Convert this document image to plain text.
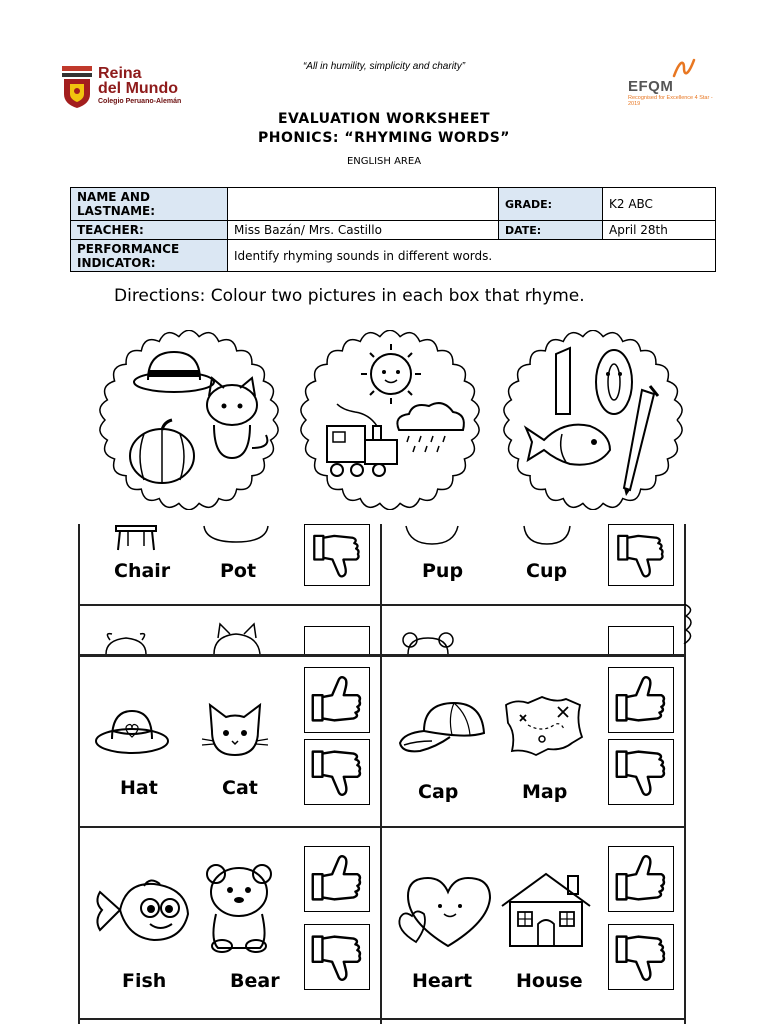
Reina
del Mundo
Colegio Peruano-Alemán
“All in humility, simplicity and charity”
EFQM
Recognised for Excellence 4 Star - 2019
EVALUATION WORKSHEET
PHONICS: “RHYMING WORDS”
ENGLISH AREA
NAME AND LASTNAME:		GRADE:	K2 ABC
TEACHER:	Miss Bazán/ Mrs. Castillo	DATE:	April 28th
PERFORMANCE INDICATOR:	Identify rhyming sounds in different words.		
Directions: Colour two pictures in each box that rhyme.
Chair	Pot	Pup	Cup
Hat	Cat	Cap	Map
Fish	Bear	Heart House
